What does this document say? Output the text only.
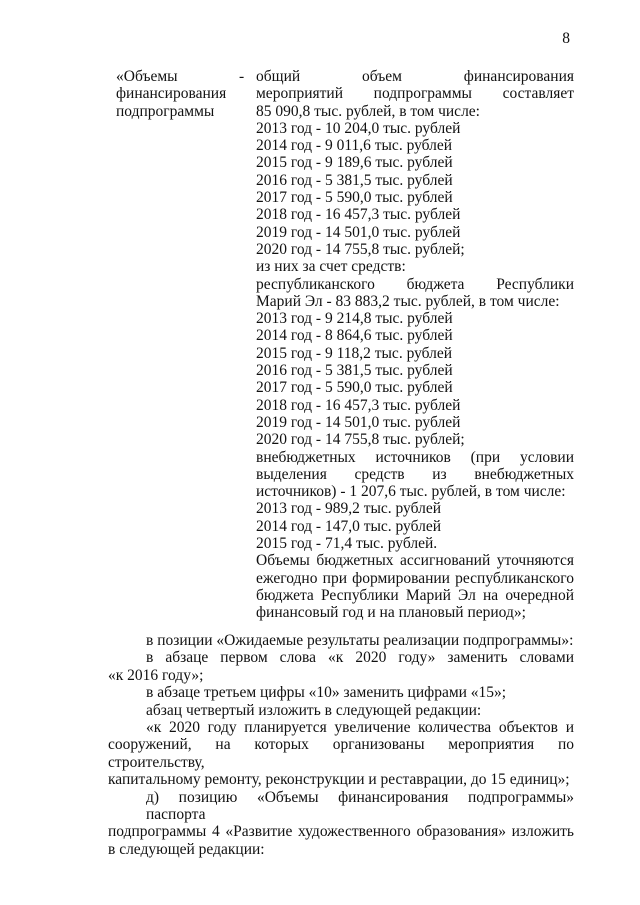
8
«Объемы
финансирования
подпрограммы
- общий объем финансирования
мероприятий подпрограммы составляет
85 090,8 тыс. рублей, в том числе:
2013 год - 10 204,0 тыс. рублей
2014 год - 9 011,6 тыс. рублей
2015 год - 9 189,6 тыс. рублей
2016 год - 5 381,5 тыс. рублей
2017 год - 5 590,0 тыс. рублей
2018 год - 16 457,3 тыс. рублей
2019 год - 14 501,0 тыс. рублей
2020 год - 14 755,8 тыс. рублей;
из них за счет средств:
республиканского бюджета Республики
Марий Эл - 83 883,2 тыс. рублей, в том числе:
2013 год - 9 214,8 тыс. рублей
2014 год - 8 864,6 тыс. рублей
2015 год - 9 118,2 тыс. рублей
2016 год - 5 381,5 тыс. рублей
2017 год - 5 590,0 тыс. рублей
2018 год - 16 457,3 тыс. рублей
2019 год - 14 501,0 тыс. рублей
2020 год - 14 755,8 тыс. рублей;
внебюджетных источников (при условии
выделения средств из внебюджетных
источников) - 1 207,6 тыс. рублей, в том числе:
2013 год - 989,2 тыс. рублей
2014 год - 147,0 тыс. рублей
2015 год - 71,4 тыс. рублей.
Объемы бюджетных ассигнований уточняются
ежегодно при формировании республиканского
бюджета Республики Марий Эл на очередной
финансовый год и на плановый период»;
в позиции «Ожидаемые результаты реализации подпрограммы»:
в абзаце первом слова «к 2020 году» заменить словами
«к 2016 году»;
в абзаце третьем цифры «10» заменить цифрами «15»;
абзац четвертый изложить в следующей редакции:
«к 2020 году планируется увеличение количества объектов и
сооружений, на которых организованы мероприятия по строительству,
капитальному ремонту, реконструкции и реставрации, до 15 единиц»;
д) позицию «Объемы финансирования подпрограммы» паспорта
подпрограммы 4 «Развитие художественного образования» изложить
в следующей редакции:
